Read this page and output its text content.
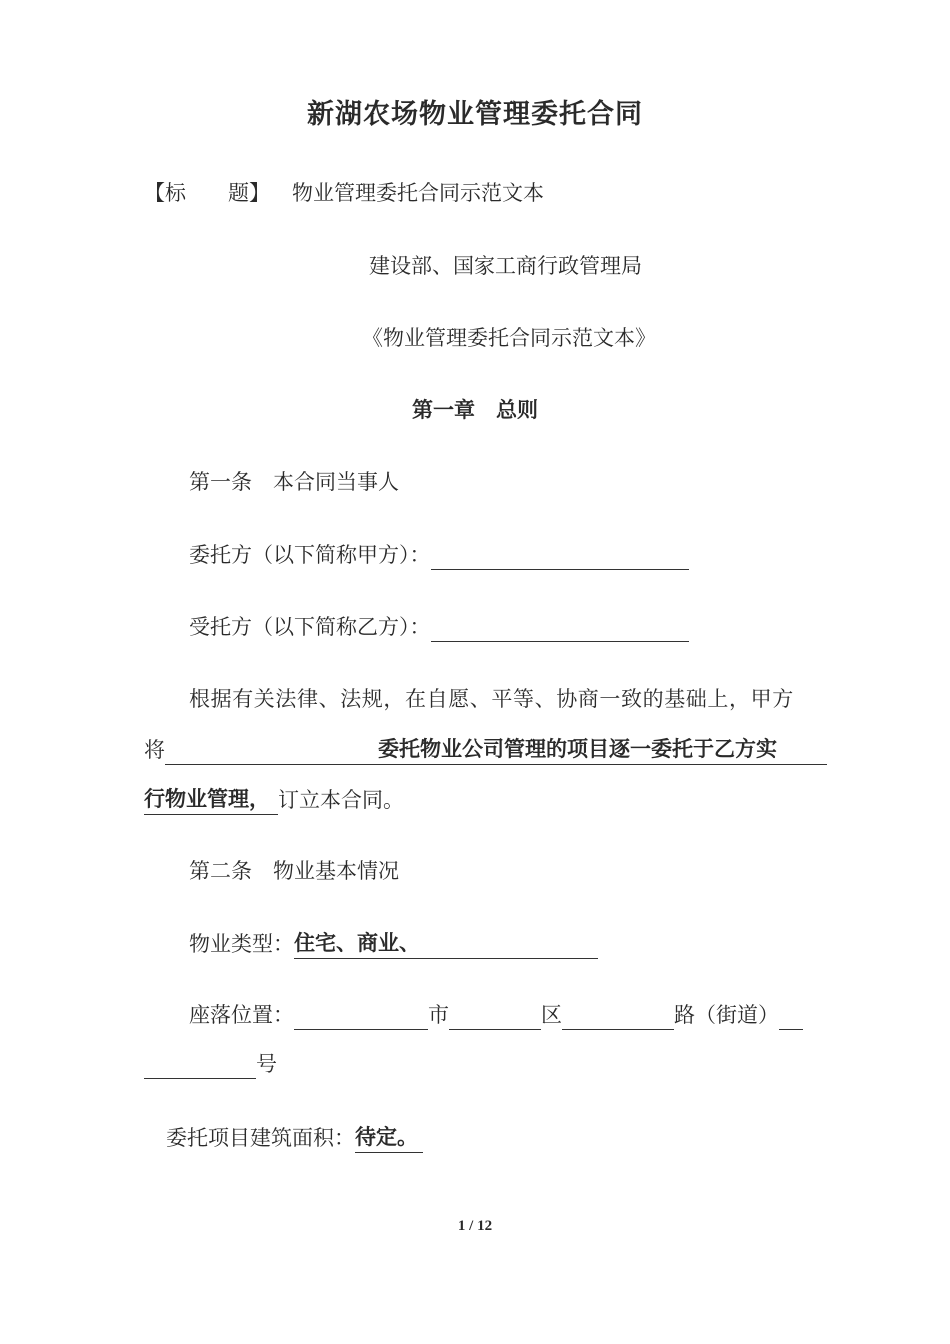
新湖农场物业管理委托合同
【标　　题】 物业管理委托合同示范文本
建设部、国家工商行政管理局
《物业管理委托合同示范文本》
第一章　总则
第一条　本合同当事人
委托方（以下简称甲方）：
受托方（以下简称乙方）：
根据有关法律、法规，在自愿、平等、协商一致的基础上，甲方
将	委托物业公司管理的项目逐一委托于乙方实
行物业管理， 订立本合同。
第二条　物业基本情况
物业类型：住宅、商业、
座落位置：	市	区	路（街道）
号
委托项目建筑面积：待定。
1 / 12
